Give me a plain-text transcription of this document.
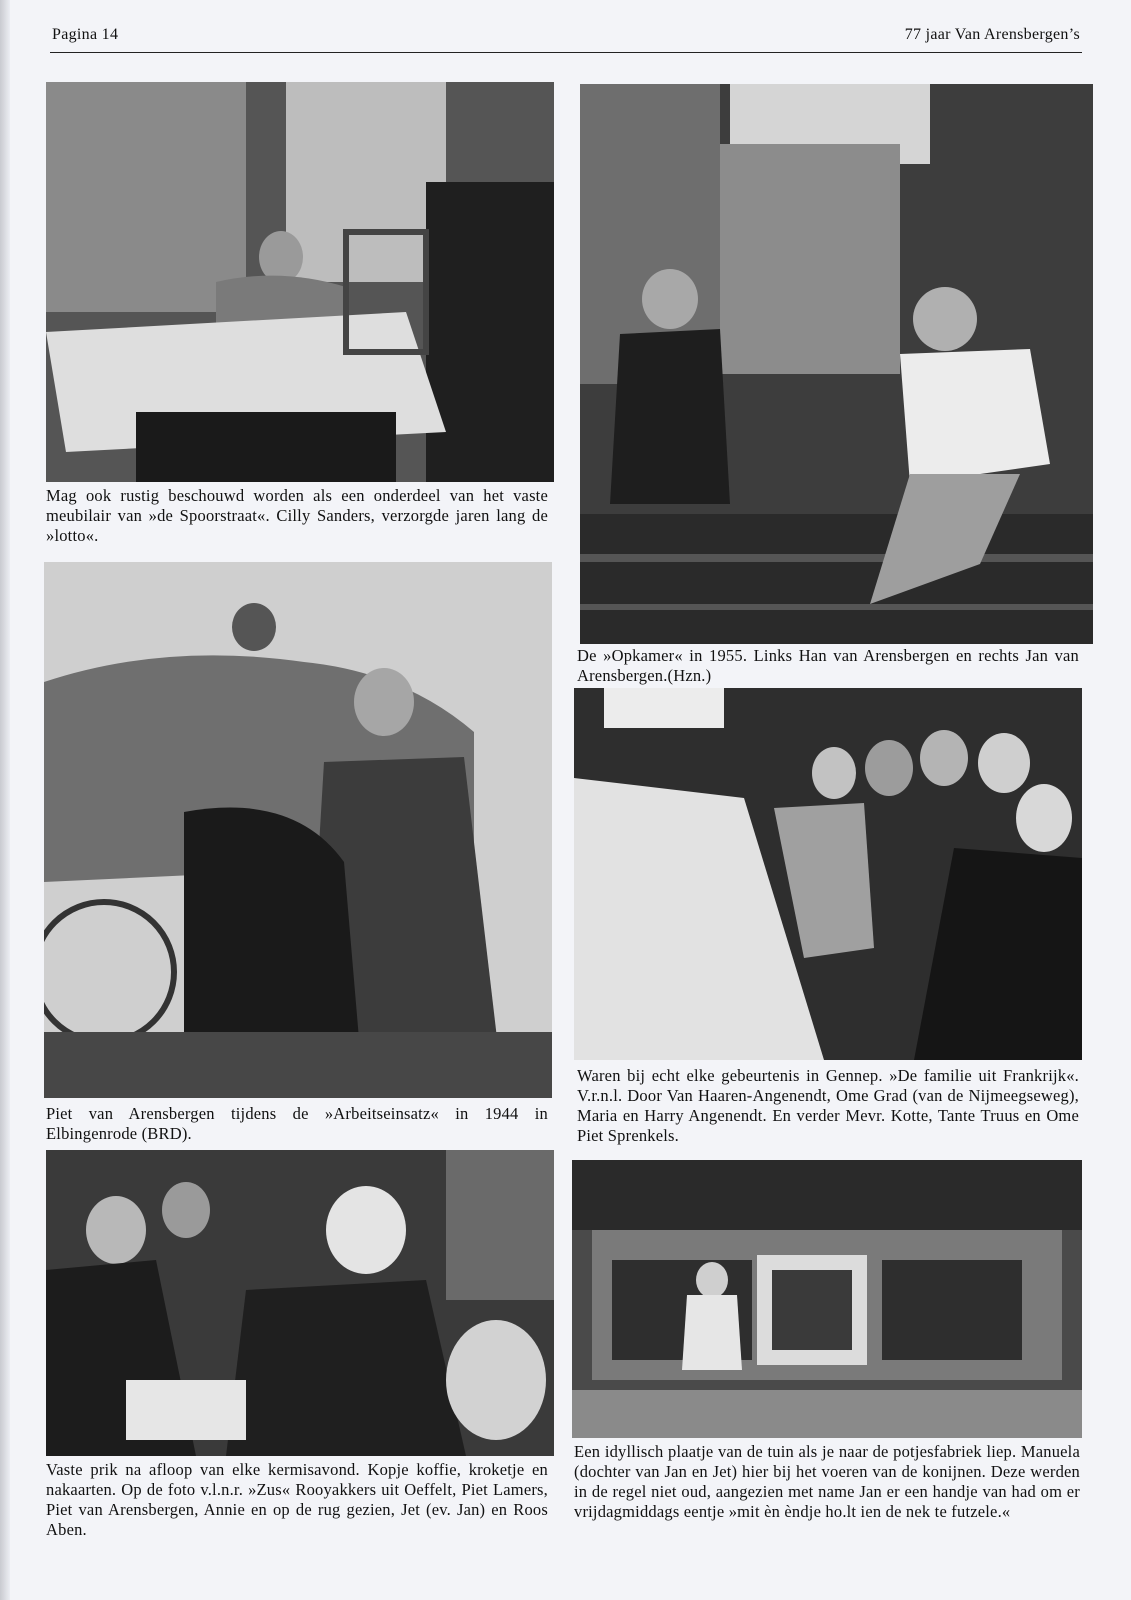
Pagina 14	77 jaar Van Arensbergen’s
Mag ook rustig beschouwd worden als een onderdeel van het vaste meubilair van »de Spoorstraat«. Cilly Sanders, verzorgde jaren lang de »lotto«.
De »Opkamer« in 1955. Links Han van Arensbergen en rechts Jan van Arensbergen.(Hzn.)
Piet van Arensbergen tijdens de »Arbeitseinsatz« in 1944 in Elbingenrode (BRD).
Waren bij echt elke gebeurtenis in Gennep. »De familie uit Frankrijk«. V.r.n.l. Door Van Haaren-Angenendt, Ome Grad (van de Nijmeegseweg), Maria en Harry Angenendt. En verder Mevr. Kotte, Tante Truus en Ome Piet Sprenkels.
Vaste prik na afloop van elke kermisavond. Kopje koffie, kroketje en nakaarten. Op de foto v.l.n.r. »Zus« Rooyakkers uit Oeffelt, Piet Lamers, Piet van Arensbergen, Annie en op de rug gezien, Jet (ev. Jan) en Roos Aben.
Een idyllisch plaatje van de tuin als je naar de potjesfabriek liep. Manuela (dochter van Jan en Jet) hier bij het voeren van de konijnen. Deze werden in de regel niet oud, aangezien met name Jan er een handje van had om er vrijdagmiddags eentje »mit èn èndje ho.lt ien de nek te futzele.«
